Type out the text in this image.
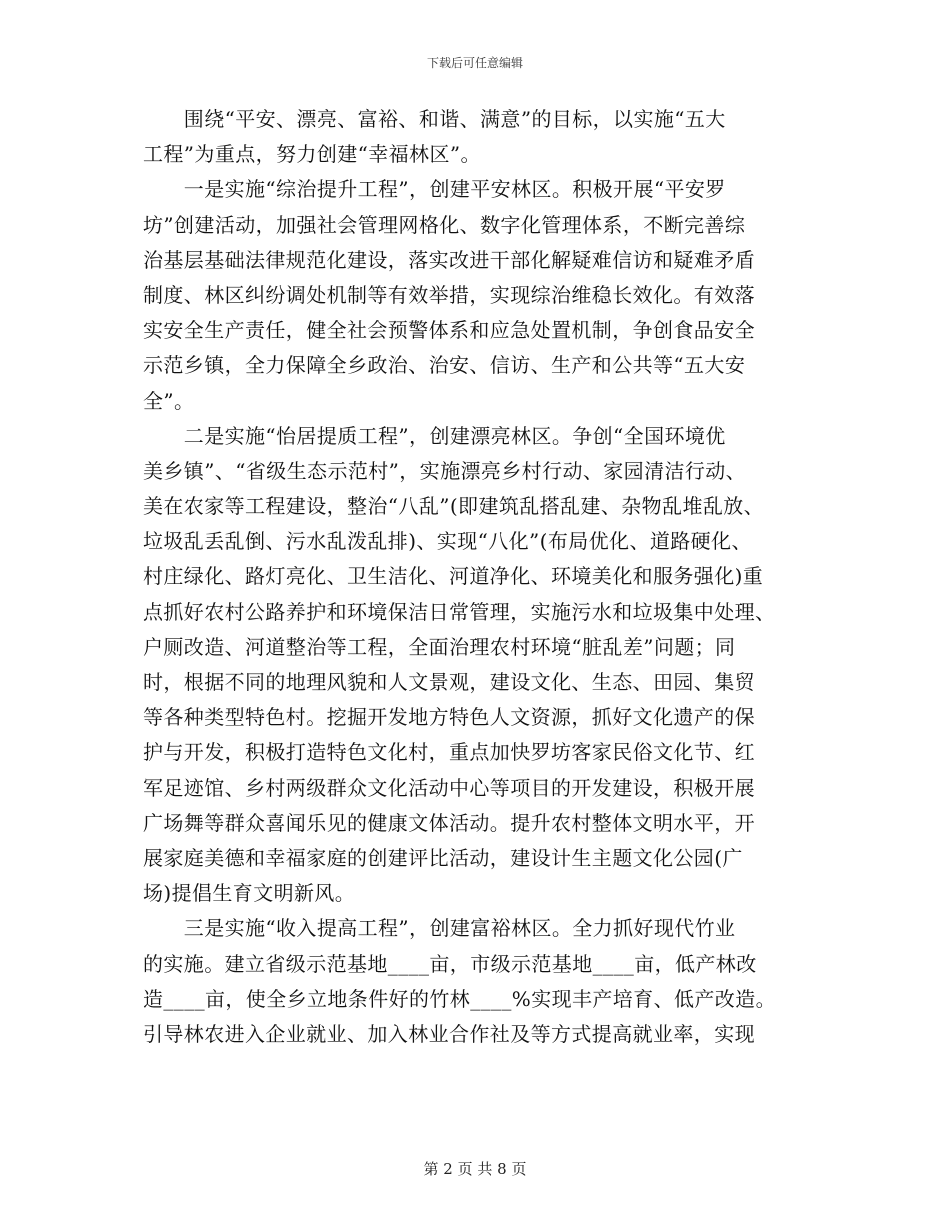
下载后可任意编辑
　　围绕“平安、漂亮、富裕、和谐、满意”的目标，以实施“五大
工程”为重点，努力创建“幸福林区”。
　　一是实施“综治提升工程”，创建平安林区。积极开展“平安罗
坊”创建活动，加强社会管理网格化、数字化管理体系，不断完善综
治基层基础法律规范化建设，落实改进干部化解疑难信访和疑难矛盾
制度、林区纠纷调处机制等有效举措，实现综治维稳长效化。有效落
实安全生产责任，健全社会预警体系和应急处置机制，争创食品安全
示范乡镇，全力保障全乡政治、治安、信访、生产和公共等“五大安
全”。
　　二是实施“怡居提质工程”，创建漂亮林区。争创“全国环境优
美乡镇”、“省级生态示范村”，实施漂亮乡村行动、家园清洁行动、
美在农家等工程建设，整治“八乱”(即建筑乱搭乱建、杂物乱堆乱放、
垃圾乱丢乱倒、污水乱泼乱排)、实现“八化”(布局优化、道路硬化、
村庄绿化、路灯亮化、卫生洁化、河道净化、环境美化和服务强化)重
点抓好农村公路养护和环境保洁日常管理，实施污水和垃圾集中处理、
户厕改造、河道整治等工程，全面治理农村环境“脏乱差”问题；同
时，根据不同的地理风貌和人文景观，建设文化、生态、田园、集贸
等各种类型特色村。挖掘开发地方特色人文资源，抓好文化遗产的保
护与开发，积极打造特色文化村，重点加快罗坊客家民俗文化节、红
军足迹馆、乡村两级群众文化活动中心等项目的开发建设，积极开展
广场舞等群众喜闻乐见的健康文体活动。提升农村整体文明水平，开
展家庭美德和幸福家庭的创建评比活动，建设计生主题文化公园(广
场)提倡生育文明新风。
　　三是实施“收入提高工程”，创建富裕林区。全力抓好现代竹业
的实施。建立省级示范基地____亩，市级示范基地____亩，低产林改
造____亩，使全乡立地条件好的竹林____%实现丰产培育、低产改造。
引导林农进入企业就业、加入林业合作社及等方式提高就业率，实现
第 2 页 共 8 页
